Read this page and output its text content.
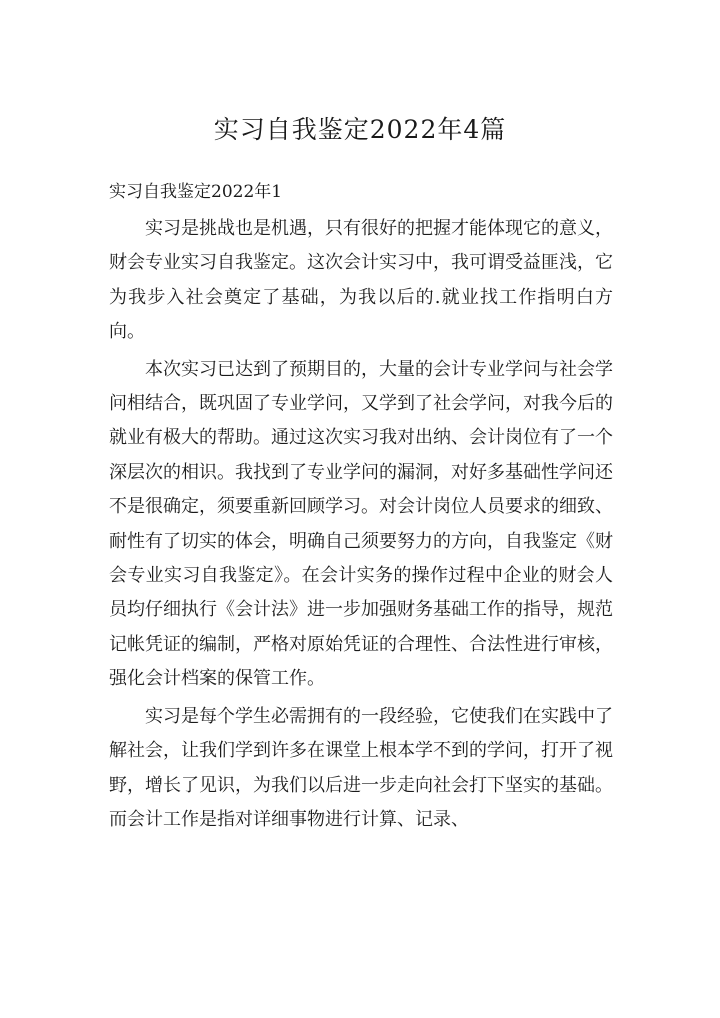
实习自我鉴定2022年4篇
实习自我鉴定2022年1

实习是挑战也是机遇，只有很好的把握才能体现它的意义，财会专业实习自我鉴定。这次会计实习中，我可谓受益匪浅，它为我步入社会奠定了基础，为我以后的.就业找工作指明白方向。

本次实习已达到了预期目的，大量的会计专业学问与社会学问相结合，既巩固了专业学问，又学到了社会学问，对我今后的就业有极大的帮助。通过这次实习我对出纳、会计岗位有了一个深层次的相识。我找到了专业学问的漏洞，对好多基础性学问还不是很确定，须要重新回顾学习。对会计岗位人员要求的细致、耐性有了切实的体会，明确自己须要努力的方向，自我鉴定《财会专业实习自我鉴定》。在会计实务的操作过程中企业的财会人员均仔细执行《会计法》进一步加强财务基础工作的指导，规范记帐凭证的编制，严格对原始凭证的合理性、合法性进行审核，强化会计档案的保管工作。

实习是每个学生必需拥有的一段经验，它使我们在实践中了解社会，让我们学到许多在课堂上根本学不到的学问，打开了视野，增长了见识，为我们以后进一步走向社会打下坚实的基础。而会计工作是指对详细事物进行计算、记录、
